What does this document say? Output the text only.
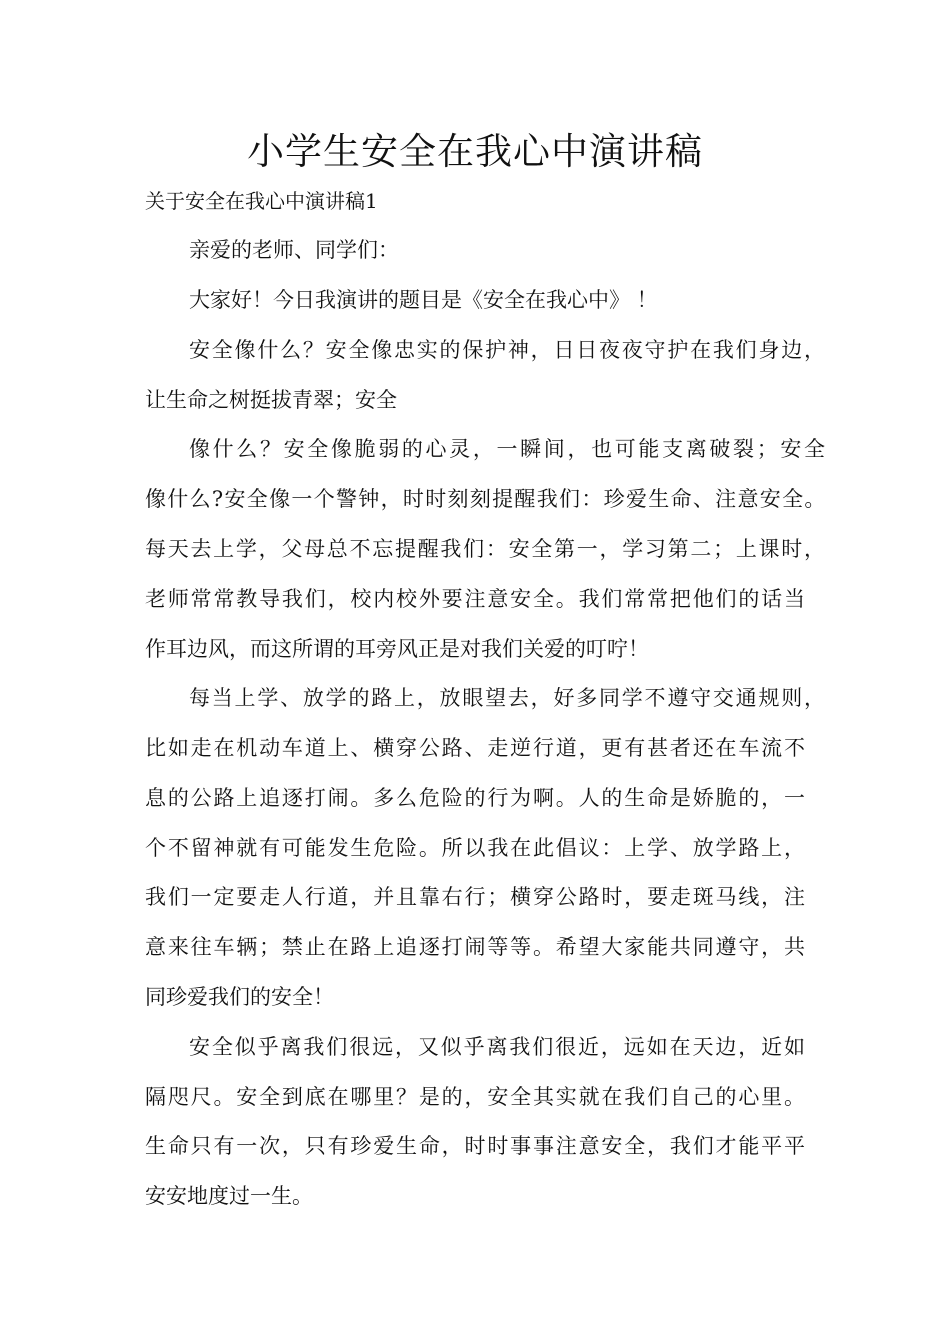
小学生安全在我心中演讲稿

关于安全在我心中演讲稿1

亲爱的老师、同学们：

大家好！今日我演讲的题目是《安全在我心中》 ！

安全像什么？安全像忠实的保护神，日日夜夜守护在我们身边，

让生命之树挺拔青翠；安全

像什么？安全像脆弱的心灵，一瞬间，也可能支离破裂；安全

像什么?安全像一个警钟，时时刻刻提醒我们：珍爱生命、注意安全。

每天去上学，父母总不忘提醒我们：安全第一，学习第二；上课时，

老师常常教导我们，校内校外要注意安全。我们常常把他们的话当

作耳边风，而这所谓的耳旁风正是对我们关爱的叮咛！

每当上学、放学的路上，放眼望去，好多同学不遵守交通规则，

比如走在机动车道上、横穿公路、走逆行道，更有甚者还在车流不

息的公路上追逐打闹。多么危险的行为啊。人的生命是娇脆的，一

个不留神就有可能发生危险。所以我在此倡议：上学、放学路上，

我们一定要走人行道，并且靠右行；横穿公路时，要走斑马线，注

意来往车辆；禁止在路上追逐打闹等等。希望大家能共同遵守，共

同珍爱我们的安全！

安全似乎离我们很远，又似乎离我们很近，远如在天边，近如

隔咫尺。安全到底在哪里？是的，安全其实就在我们自己的心里。

生命只有一次，只有珍爱生命，时时事事注意安全，我们才能平平

安安地度过一生。
